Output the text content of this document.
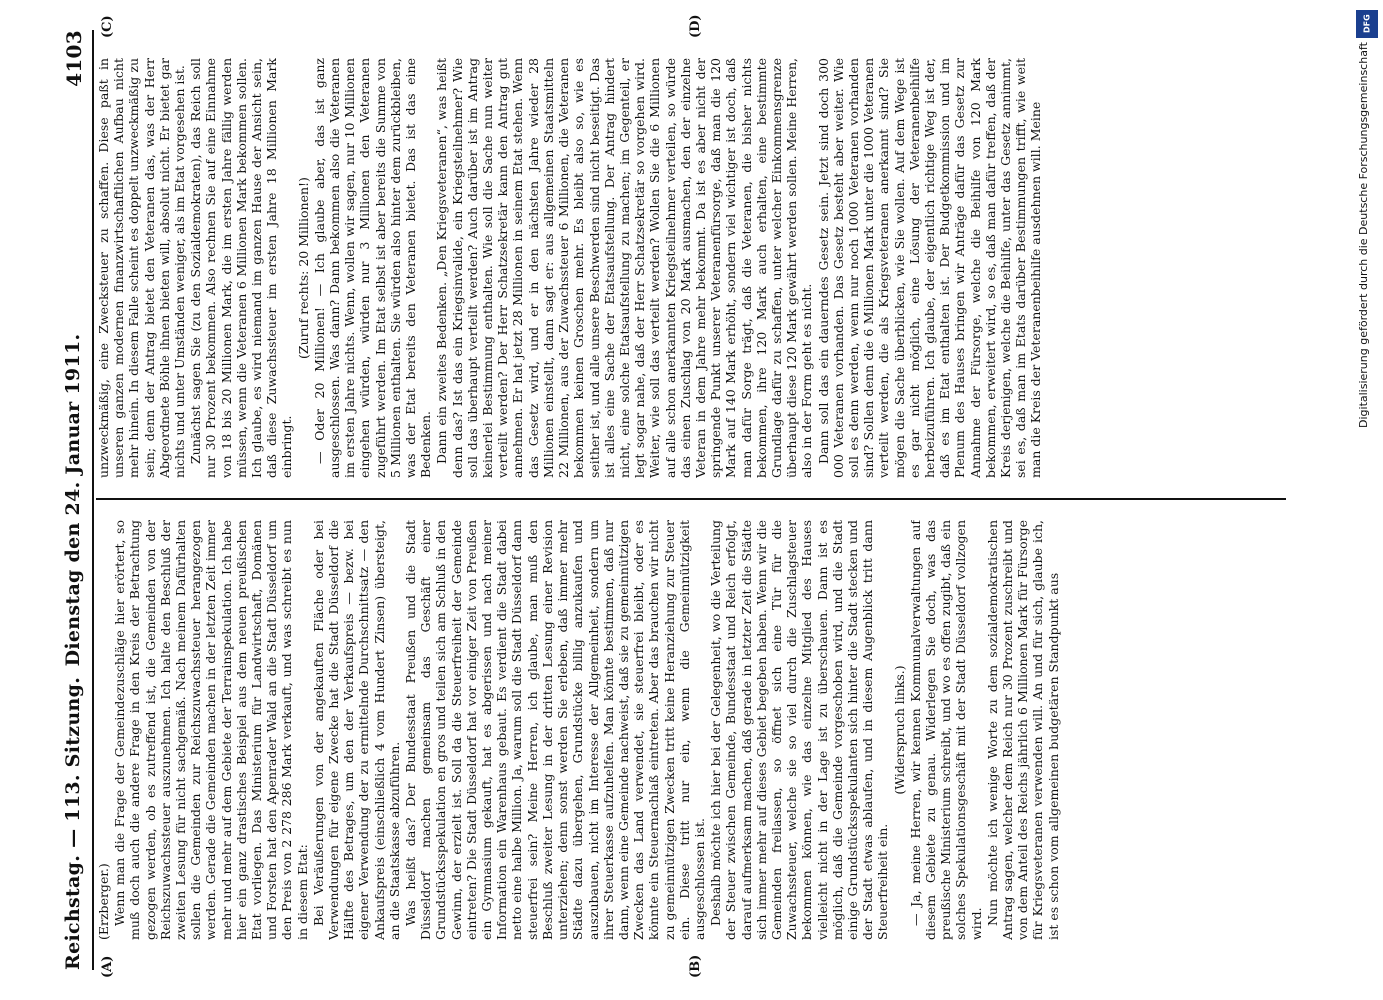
Reichstag. — 113. Sitzung.
Dienstag den 24. Januar 1911.
4103
(A)	(B)
(C)	(D)

(Erzberger.) Wenn man die Frage der Gemeindezuschläge hier erörtert, so muß doch auch die andere Frage in den Kreis der Betrachtung gezogen werden, ob es zutreffend ist, die Gemeinden von der Reichszuwachssteuer auszunehmen. Ich halte den Beschluß der zweiten Lesung für nicht sachgemäß. Nach meinem Dafürhalten sollen die Gemeinden zur Reichszuwachssteuer herangezogen werden. Gerade die Gemeinden machen in der letzten Zeit immer mehr und mehr auf dem Gebiete der Terrainspekulation. Ich habe hier ein ganz drastisches Beispiel aus dem neuen preußischen Etat vorliegen. Das Ministerium für Landwirtschaft, Domänen und Forsten hat den Apenrader Wald an die Stadt Düsseldorf um den Preis von 2 278 286 Mark verkauft, und was schreibt es nun in diesem Etat: Bei Veräußerungen von der angekauften Fläche oder bei Verwendungen für eigene Zwecke hat die Stadt Düsseldorf die Hälfte des Betrages, um den der Verkaufspreis — bezw. bei eigener Verwendung der zu ermittelnde Durchschnittsatz — den Ankaufspreis (einschließlich 4 vom Hundert Zinsen) übersteigt, an die Staatskasse abzuführen. Was heißt das? Der Bundesstaat Preußen und die Stadt Düsseldorf machen gemeinsam das Geschäft einer Grundstücksspekulation en gros und teilen sich am Schluß in den Gewinn, der erzielt ist. Soll da die Steuerfreiheit der Gemeinde eintreten? Die Stadt Düsseldorf hat vor einiger Zeit von Preußen ein Gymnasium gekauft, hat es abgerissen und nach meiner Information ein Warenhaus gebaut. Es verdient die Stadt dabei netto eine halbe Million. Ja, warum soll die Stadt Düsseldorf dann steuerfrei sein? Meine Herren, ich glaube, man muß den Beschluß zweiter Lesung in der dritten Lesung einer Revision unterziehen; denn sonst werden Sie erleben, daß immer mehr Städte dazu übergehen, Grundstücke billig anzukaufen und auszubauen, nicht im Interesse der Allgemeinheit, sondern um ihrer Steuerkasse aufzuhelfen. Man könnte bestimmen, daß nur dann, wenn eine Gemeinde nachweist, daß sie zu gemeinnützigen Zwecken das Land verwendet, sie steuerfrei bleibt, oder es könnte ein Steuernachlaß eintreten. Aber das brauchen wir nicht zu gemeinnützigen Zwecken tritt keine Heranziehung zur Steuer ein. Diese tritt nur ein, wenn die Gemeinnützigkeit ausgeschlossen ist. Deshalb möchte ich hier bei der Gelegenheit, wo die Verteilung der Steuer zwischen Gemeinde, Bundesstaat und Reich erfolgt, darauf aufmerksam machen, daß gerade in letzter Zeit die Städte sich immer mehr auf dieses Gebiet begeben haben. Wenn wir die Gemeinden freilassen, so öffnet sich eine Tür für die Zuwachssteuer, welche sie so viel durch die Zuschlagsteuer bekommen können, wie das einzelne Mitglied des Hauses vielleicht nicht in der Lage ist zu überschauen. Dann ist es möglich, daß die Gemeinde vorgeschoben wird, und die Stadt einige Grundstücksspekulanten sich hinter die Stadt stecken und der Stadt etwas ablaufen, und in diesem Augenblick tritt dann Steuerfreiheit ein.

(Widerspruch links.) — Ja, meine Herren, wir kennen Kommunalverwaltungen auf diesem Gebiete zu genau. Widerlegen Sie doch, was das preußische Ministerium schreibt, und wo es offen zugibt, daß ein solches Spekulationsgeschäft mit der Stadt Düsseldorf vollzogen wird. Nun möchte ich wenige Worte zu dem sozialdemokratischen Antrag sagen, welcher dem Reich nur 30 Prozent zuschreibt und von dem Anteil des Reichs jährlich 6 Millionen Mark für Fürsorge für Kriegsveteranen verwenden will. An und für sich, glaube ich, ist es schon vom allgemeinen budgetären Standpunkt aus

unzweckmäßig, eine Zwecksteuer zu schaffen. Diese paßt in unseren ganzen modernen finanzwirtschaftlichen Aufbau nicht mehr hinein. In diesem Falle scheint es doppelt unzweckmäßig zu sein; denn der Antrag bietet den Veteranen das, was der Herr Abgeordnete Böhle ihnen bieten will, absolut nicht. Er bietet gar nichts und unter Umständen weniger, als im Etat vorgesehen ist. Zunächst sagen Sie (zu den Sozialdemokraten), das Reich soll nur 30 Prozent bekommen. Also rechnen Sie auf eine Einnahme von 18 bis 20 Millionen Mark, die im ersten Jahre fällig werden müssen, wenn die Veteranen 6 Millionen Mark bekommen sollen. Ich glaube, es wird niemand im ganzen Hause der Ansicht sein, daß diese Zuwachssteuer im ersten Jahre 18 Millionen Mark einbringt.

(Zuruf rechts: 20 Millionen!) — Oder 20 Millionen! — Ich glaube aber, das ist ganz ausgeschlossen. Was dann? Dann bekommen also die Veteranen im ersten Jahre nichts. Wenn, wollen wir sagen, nur 10 Millionen eingehen würden, würden nur 3 Millionen den Veteranen zugeführt werden. Im Etat selbst ist aber bereits die Summe von 5 Millionen enthalten. Sie würden also hinter dem zurückbleiben, was der Etat bereits den Veteranen bietet. Das ist das eine Bedenken. Dann ein zweites Bedenken. „Den Kriegsveteranen“, was heißt denn das? Ist das ein Kriegsinvalide, ein Kriegsteilnehmer? Wie soll das überhaupt verteilt werden? Auch darüber ist im Antrag keinerlei Bestimmung enthalten. Wie soll die Sache nun weiter verteilt werden? Der Herr Schatzsekretär kann den Antrag gut annehmen. Er hat jetzt 28 Millionen in seinem Etat stehen. Wenn das Gesetz wird, und er in den nächsten Jahre wieder 28 Millionen einstellt, dann sagt er: aus allgemeinen Staatsmitteln 22 Millionen, aus der Zuwachssteuer 6 Millionen, die Veteranen bekommen keinen Groschen mehr. Es bleibt also so, wie es seither ist, und alle unsere Beschwerden sind nicht beseitigt. Das ist alles eine Sache der Etatsaufstellung. Der Antrag hindert nicht, eine solche Etatsaufstellung zu machen; im Gegenteil, er legt sogar nahe, daß der Herr Schatzsekretär so vorgehen wird. Weiter, wie soll das verteilt werden? Wollen Sie die 6 Millionen auf alle schon anerkannten Kriegsteilnehmer verteilen, so würde das einen Zuschlag von 20 Mark ausmachen, den der einzelne Veteran in dem Jahre mehr bekommt. Da ist es aber nicht der springende Punkt unserer Veteranenfürsorge, daß man die 120 Mark auf 140 Mark erhöht, sondern viel wichtiger ist doch, daß man dafür Sorge trägt, daß die Veteranen, die bisher nichts bekommen, ihre 120 Mark auch erhalten, eine bestimmte Grundlage dafür zu schaffen, unter welcher Einkommensgrenze überhaupt diese 120 Mark gewährt werden sollen. Meine Herren, also in der Form geht es nicht. Dann soll das ein dauerndes Gesetz sein. Jetzt sind doch 300 000 Veteranen vorhanden. Das Gesetz besteht aber weiter. Wie soll es denn werden, wenn nur noch 1000 Veteranen vorhanden sind? Sollen denn die 6 Millionen Mark unter die 1000 Veteranen verteilt werden, die als Kriegsveteranen anerkannt sind? Sie mögen die Sache überblicken, wie Sie wollen. Auf dem Wege ist es gar nicht möglich, eine Lösung der Veteranenbeihilfe herbeizuführen. Ich glaube, der eigentlich richtige Weg ist der, daß es im Etat enthalten ist. Der Budgetkommission und im Plenum des Hauses bringen wir Anträge dafür das Gesetz zur Annahme der Fürsorge, welche die Beihilfe von 120 Mark bekommen, erweitert wird, so es, daß man dafür treffen, daß der Kreis derjenigen, welche die Beihilfe, unter das Gesetz annimmt, sei es, daß man im Etats darüber Bestimmungen trifft, wie weit man die Kreis der Veteranenbeihilfe ausdehnen will. Meine

DFG
Digitalisierung gefördert durch die Deutsche Forschungsgemeinschaft
